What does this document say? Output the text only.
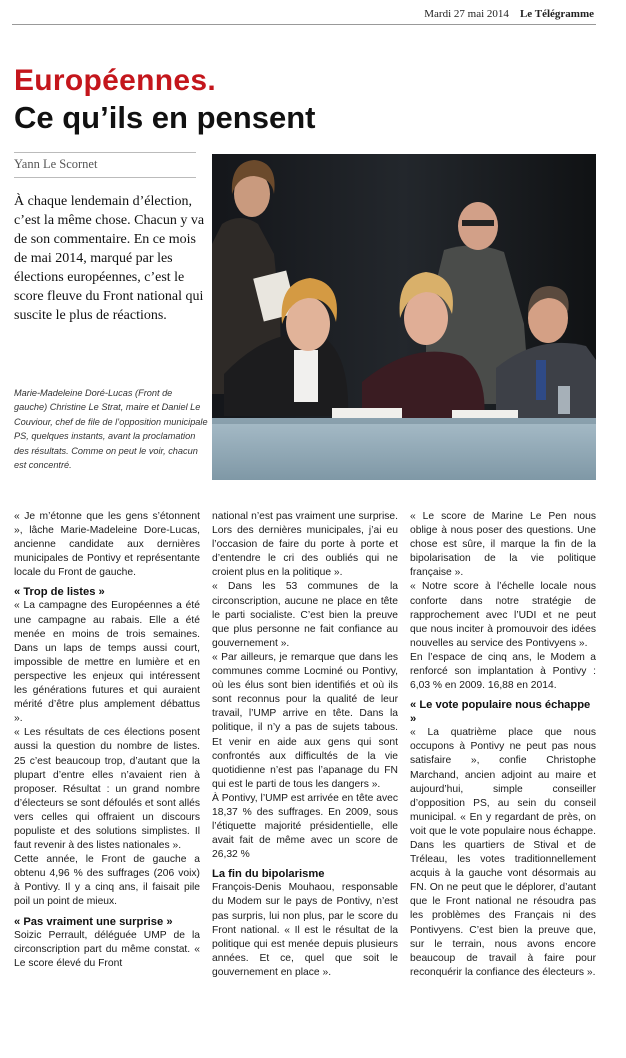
Mardi 27 mai 2014 Le Télégramme
Européennes.
Ce qu’ils en pensent
Yann Le Scornet
À chaque lendemain d’élection, c’est la même chose. Chacun y va de son commentaire. En ce mois de mai 2014, marqué par les élections européennes, c’est le score fleuve du Front national qui suscite le plus de réactions.
Marie-Madeleine Doré-Lucas (Front de gauche) Christine Le Strat, maire et Daniel Le Couviour, chef de file de l’opposition municipale PS, quelques instants, avant la proclamation des résultats. Comme on peut le voir, chacun est concentré.

« Je m’étonne que les gens s’étonnent », lâche Marie-Madeleine Dore-Lucas, ancienne candidate aux dernières municipales de Pontivy et représentante locale du Front de gauche.

« Trop de listes »

« La campagne des Européennes a été une campagne au rabais. Elle a été menée en moins de trois semaines. Dans un laps de temps aussi court, impossible de mettre en lumière et en perspective les enjeux qui intéressent les générations futures et qui auraient mérité d’être plus amplement débattus ».

« Les résultats de ces élections posent aussi la question du nombre de listes. 25 c’est beaucoup trop, d’autant que la plupart d’entre elles n’avaient rien à proposer. Résultat : un grand nombre d’électeurs se sont défoulés et sont allés vers celles qui offraient un discours populiste et des solutions simplistes. Il faut revenir à des listes nationales ».

Cette année, le Front de gauche a obtenu 4,96 % des suffrages (206 voix) à Pontivy. Il y a cinq ans, il faisait pile poil un point de mieux.

« Pas vraiment une surprise »

Soizic Perrault, déléguée UMP de la circonscription part du même constat. « Le score élevé du Front

national n’est pas vraiment une surprise. Lors des dernières municipales, j’ai eu l’occasion de faire du porte à porte et d’entendre le cri des oubliés qui ne croient plus en la politique ».

« Dans les 53 communes de la circonscription, aucune ne place en tête le parti socialiste. C’est bien la preuve que plus personne ne fait confiance au gouvernement ».

« Par ailleurs, je remarque que dans les communes comme Locminé ou Pontivy, où les élus sont bien identifiés et où ils sont reconnus pour la qualité de leur travail, l’UMP arrive en tête. Dans la politique, il n’y a pas de sujets tabous. Et venir en aide aux gens qui sont confrontés aux difficultés de la vie quotidienne n’est pas l’apanage du FN qui est le parti de tous les dangers ».

À Pontivy, l’UMP est arrivée en tête avec 18,37 % des suffrages. En 2009, sous l’étiquette majorité présidentielle, elle avait fait de même avec un score de 26,32 %

La fin du bipolarisme

François-Denis Mouhaou, responsable du Modem sur le pays de Pontivy, n’est pas surpris, lui non plus, par le score du Front national. « Il est le résultat de la politique qui est menée depuis plusieurs années. Et ce, quel que soit le gouvernement en place ».

« Le score de Marine Le Pen nous oblige à nous poser des questions. Une chose est sûre, il marque la fin de la bipolarisation de la vie politique française ».

« Notre score à l’échelle locale nous conforte dans notre stratégie de rapprochement avec l’UDI et ne peut que nous inciter à promouvoir des idées nouvelles au service des Pontivyens ».

En l’espace de cinq ans, le Modem a renforcé son implantation à Pontivy : 6,03 % en 2009. 16,88 en 2014.

« Le vote populaire nous échappe »

« La quatrième place que nous occupons à Pontivy ne peut pas nous satisfaire », confie Christophe Marchand, ancien adjoint au maire et aujourd’hui, simple conseiller d’opposition PS, au sein du conseil municipal. « En y regardant de près, on voit que le vote populaire nous échappe. Dans les quartiers de Stival et de Tréleau, les votes traditionnellement acquis à la gauche vont désormais au FN. On ne peut que le déplorer, d’autant que le Front national ne résoudra pas les problèmes des Français ni des Pontivyens. C’est bien la preuve que, sur le terrain, nous avons encore beaucoup de travail à faire pour reconquérir la confiance des électeurs ».
